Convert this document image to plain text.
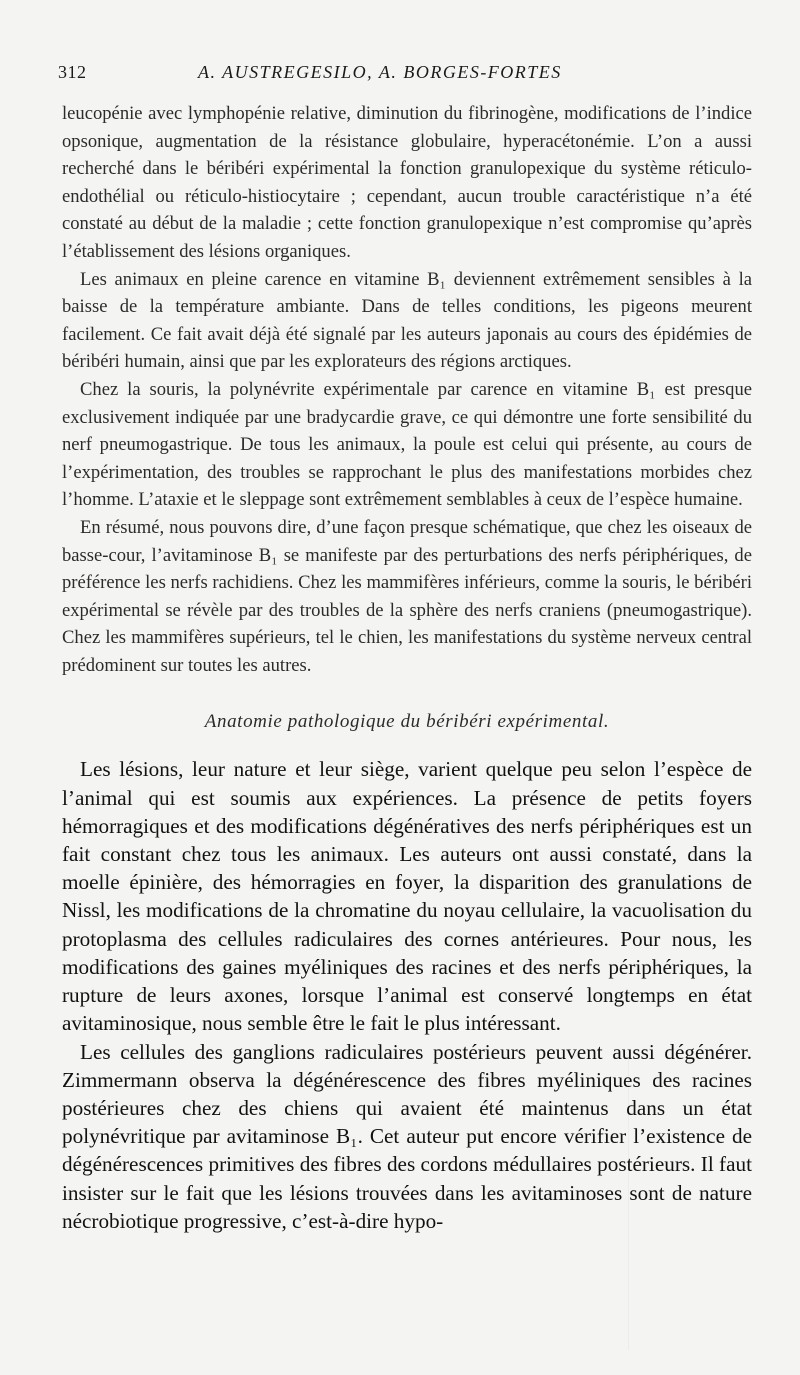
312	A. AUSTREGESILO, A. BORGES-FORTES

leucopénie avec lymphopénie relative, diminution du fibrinogène, modifications de l’indice opsonique, augmentation de la résistance globulaire, hyperacétonémie. L’on a aussi recherché dans le béribéri expérimental la fonction granulopexique du système réticulo-endothélial ou réticulo-histiocytaire ; cependant, aucun trouble caractéristique n’a été constaté au début de la maladie ; cette fonction granulopexique n’est compromise qu’après l’établissement des lésions organiques.

Les animaux en pleine carence en vitamine B₁ deviennent extrêmement sensibles à la baisse de la température ambiante. Dans de telles conditions, les pigeons meurent facilement. Ce fait avait déjà été signalé par les auteurs japonais au cours des épidémies de béribéri humain, ainsi que par les explorateurs des régions arctiques.

Chez la souris, la polynévrite expérimentale par carence en vitamine B₁ est presque exclusivement indiquée par une bradycardie grave, ce qui démontre une forte sensibilité du nerf pneumogastrique. De tous les animaux, la poule est celui qui présente, au cours de l’expérimentation, des troubles se rapprochant le plus des manifestations morbides chez l’homme. L’ataxie et le sleppage sont extrêmement semblables à ceux de l’espèce humaine.

En résumé, nous pouvons dire, d’une façon presque schématique, que chez les oiseaux de basse-cour, l’avitaminose B₁ se manifeste par des perturbations des nerfs périphériques, de préférence les nerfs rachidiens. Chez les mammifères inférieurs, comme la souris, le béribéri expérimental se révèle par des troubles de la sphère des nerfs craniens (pneumogastrique). Chez les mammifères supérieurs, tel le chien, les manifestations du système nerveux central prédominent sur toutes les autres.

Anatomie pathologique du béribéri expérimental.

Les lésions, leur nature et leur siège, varient quelque peu selon l’espèce de l’animal qui est soumis aux expériences. La présence de petits foyers hémorragiques et des modifications dégénératives des nerfs périphériques est un fait constant chez tous les animaux. Les auteurs ont aussi constaté, dans la moelle épinière, des hémorragies en foyer, la disparition des granulations de Nissl, les modifications de la chromatine du noyau cellulaire, la vacuolisation du protoplasma des cellules radiculaires des cornes antérieures. Pour nous, les modifications des gaines myéliniques des racines et des nerfs périphériques, la rupture de leurs axones, lorsque l’animal est conservé longtemps en état avitaminosique, nous semble être le fait le plus intéressant.

Les cellules des ganglions radiculaires postérieurs peuvent aussi dégénérer. Zimmermann observa la dégénérescence des fibres myéliniques des racines postérieures chez des chiens qui avaient été maintenus dans un état polynévritique par avitaminose B₁. Cet auteur put encore vérifier l’existence de dégénérescences primitives des fibres des cordons médullaires postérieurs. Il faut insister sur le fait que les lésions trouvées dans les avitaminoses sont de nature nécrobiotique progressive, c’est-à-dire hypo-
